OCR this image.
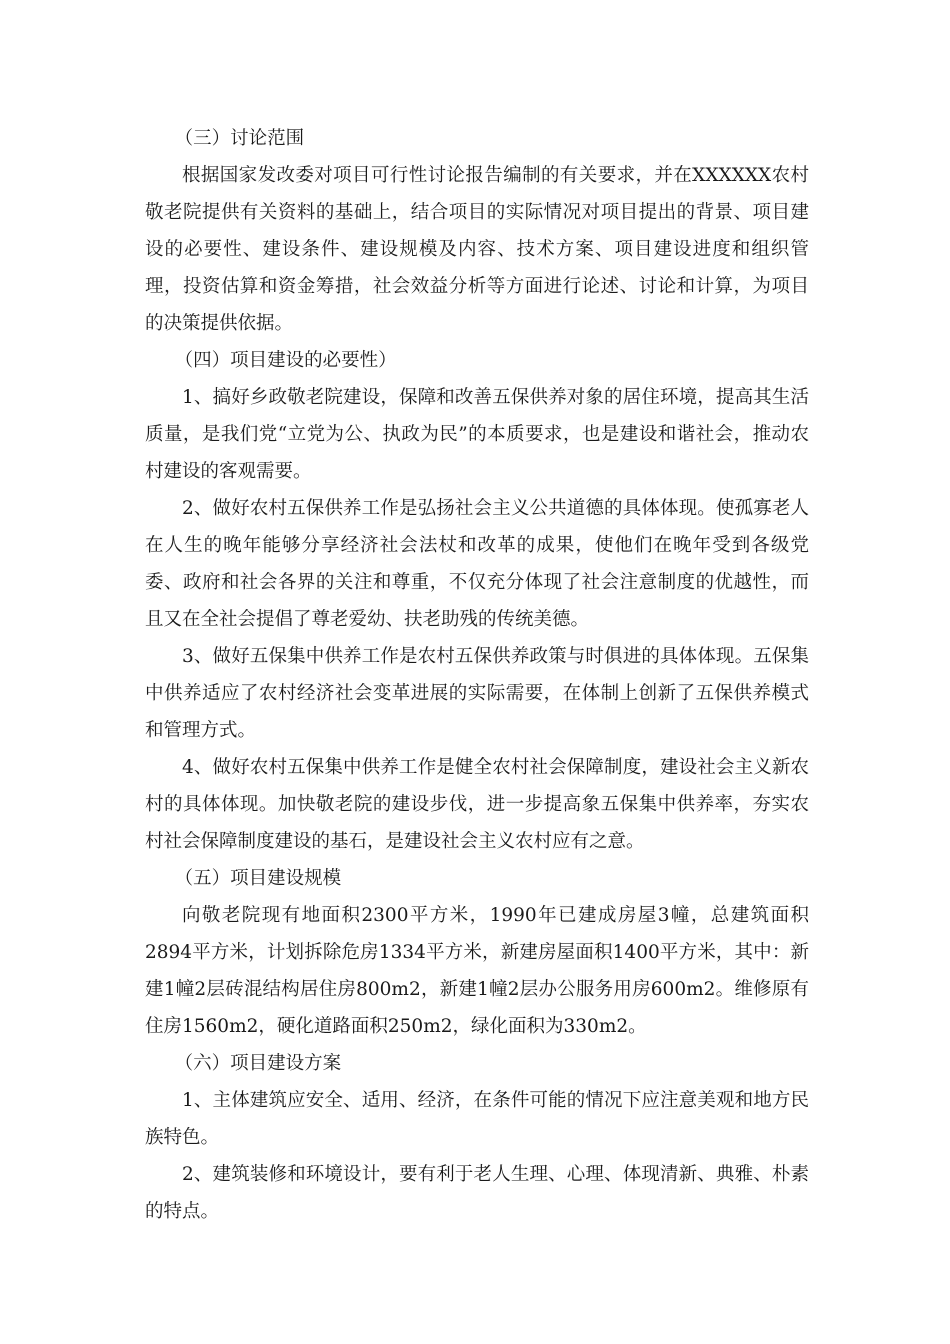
（三）讨论范围

根据国家发改委对项目可行性讨论报告编制的有关要求，并在XXXXXX农村敬老院提供有关资料的基础上，结合项目的实际情况对项目提出的背景、项目建设的必要性、建设条件、建设规模及内容、技术方案、项目建设进度和组织管理，投资估算和资金筹措，社会效益分析等方面进行论述、讨论和计算，为项目的决策提供依据。

（四）项目建设的必要性）

1、搞好乡政敬老院建设，保障和改善五保供养对象的居住环境，提高其生活质量，是我们党“立党为公、执政为民”的本质要求，也是建设和谐社会，推动农村建设的客观需要。

2、做好农村五保供养工作是弘扬社会主义公共道德的具体体现。使孤寡老人在人生的晚年能够分享经济社会法杖和改革的成果，使他们在晚年受到各级党委、政府和社会各界的关注和尊重，不仅充分体现了社会注意制度的优越性，而且又在全社会提倡了尊老爱幼、扶老助残的传统美德。

3、做好五保集中供养工作是农村五保供养政策与时俱进的具体体现。五保集中供养适应了农村经济社会变革进展的实际需要，在体制上创新了五保供养模式和管理方式。

4、做好农村五保集中供养工作是健全农村社会保障制度，建设社会主义新农村的具体体现。加快敬老院的建设步伐，进一步提高象五保集中供养率，夯实农村社会保障制度建设的基石，是建设社会主义农村应有之意。

（五）项目建设规模

向敬老院现有地面积2300平方米，1990年已建成房屋3幢，总建筑面积2894平方米，计划拆除危房1334平方米，新建房屋面积1400平方米，其中：新建1幢2层砖混结构居住房800m2，新建1幢2层办公服务用房600m2。维修原有住房1560m2，硬化道路面积250m2，绿化面积为330m2。

（六）项目建设方案

1、主体建筑应安全、适用、经济，在条件可能的情况下应注意美观和地方民族特色。

2、建筑装修和环境设计，要有利于老人生理、心理、体现清新、典雅、朴素的特点。
